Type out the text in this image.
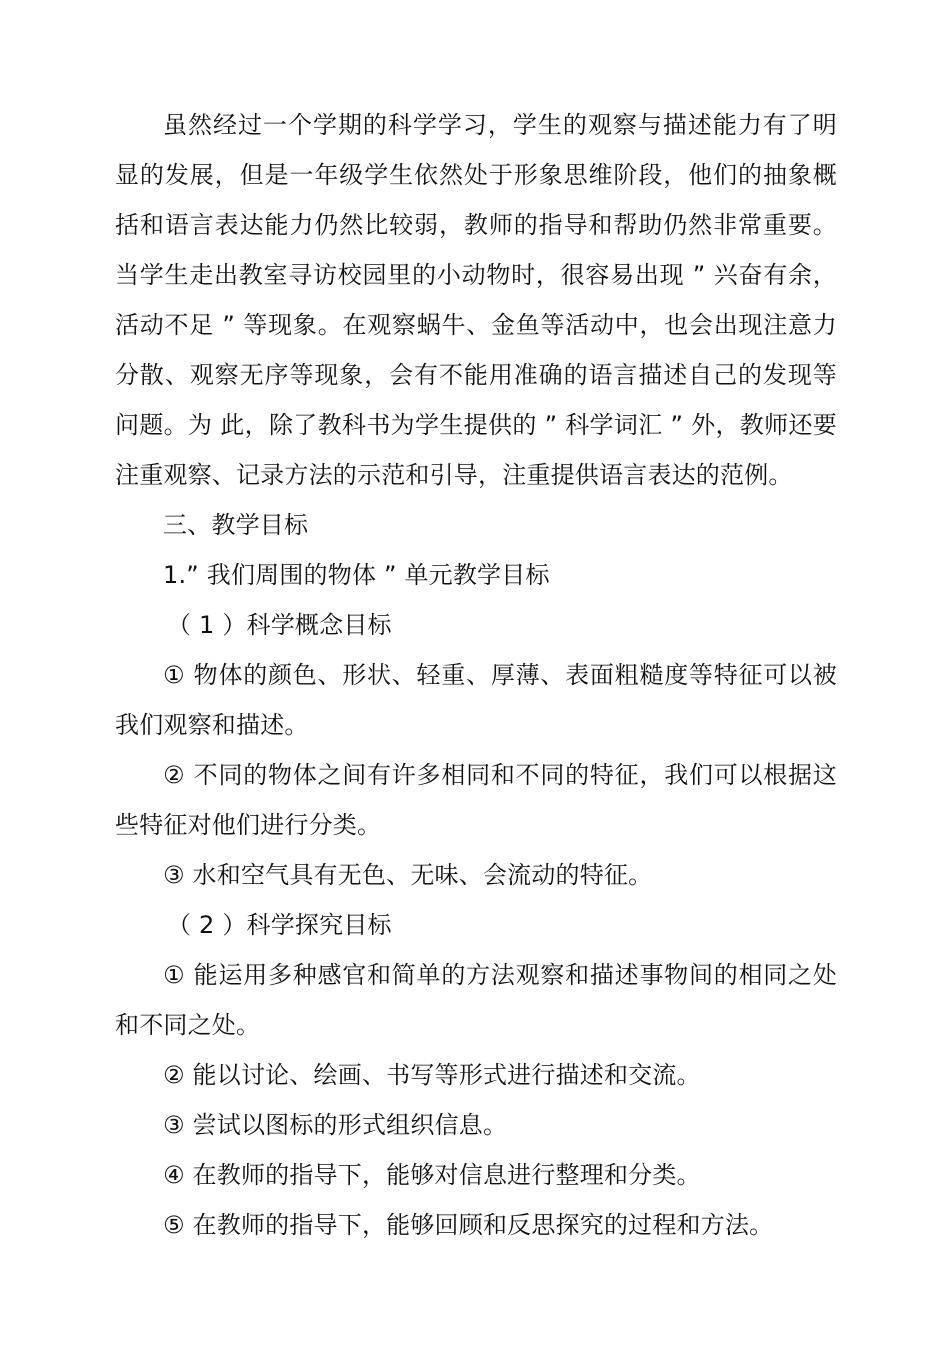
虽然经过一个学期的科学学习，学生的观察与描述能力有了明显的发展，但是一年级学生依然处于形象思维阶段，他们的抽象概括和语言表达能力仍然比较弱，教师的指导和帮助仍然非常重要。当学生走出教室寻访校园里的小动物时，很容易出现 ” 兴奋有余，活动不足 ” 等现象。在观察蜗牛、金鱼等活动中，也会出现注意力分散、观察无序等现象，会有不能用准确的语言描述自己的发现等问题。为 此，除了教科书为学生提供的 ” 科学词汇 ” 外，教师还要注重观察、记录方法的示范和引导，注重提供语言表达的范例。

三、教学目标

1.” 我们周围的物体 ” 单元教学目标

（ 1 ）科学概念目标

① 物体的颜色、形状、轻重、厚薄、表面粗糙度等特征可以被我们观察和描述。

② 不同的物体之间有许多相同和不同的特征，我们可以根据这些特征对他们进行分类。

③ 水和空气具有无色、无味、会流动的特征。

（ 2 ）科学探究目标

① 能运用多种感官和简单的方法观察和描述事物间的相同之处和不同之处。

② 能以讨论、绘画、书写等形式进行描述和交流。

③ 尝试以图标的形式组织信息。

④ 在教师的指导下，能够对信息进行整理和分类。

⑤ 在教师的指导下，能够回顾和反思探究的过程和方法。
